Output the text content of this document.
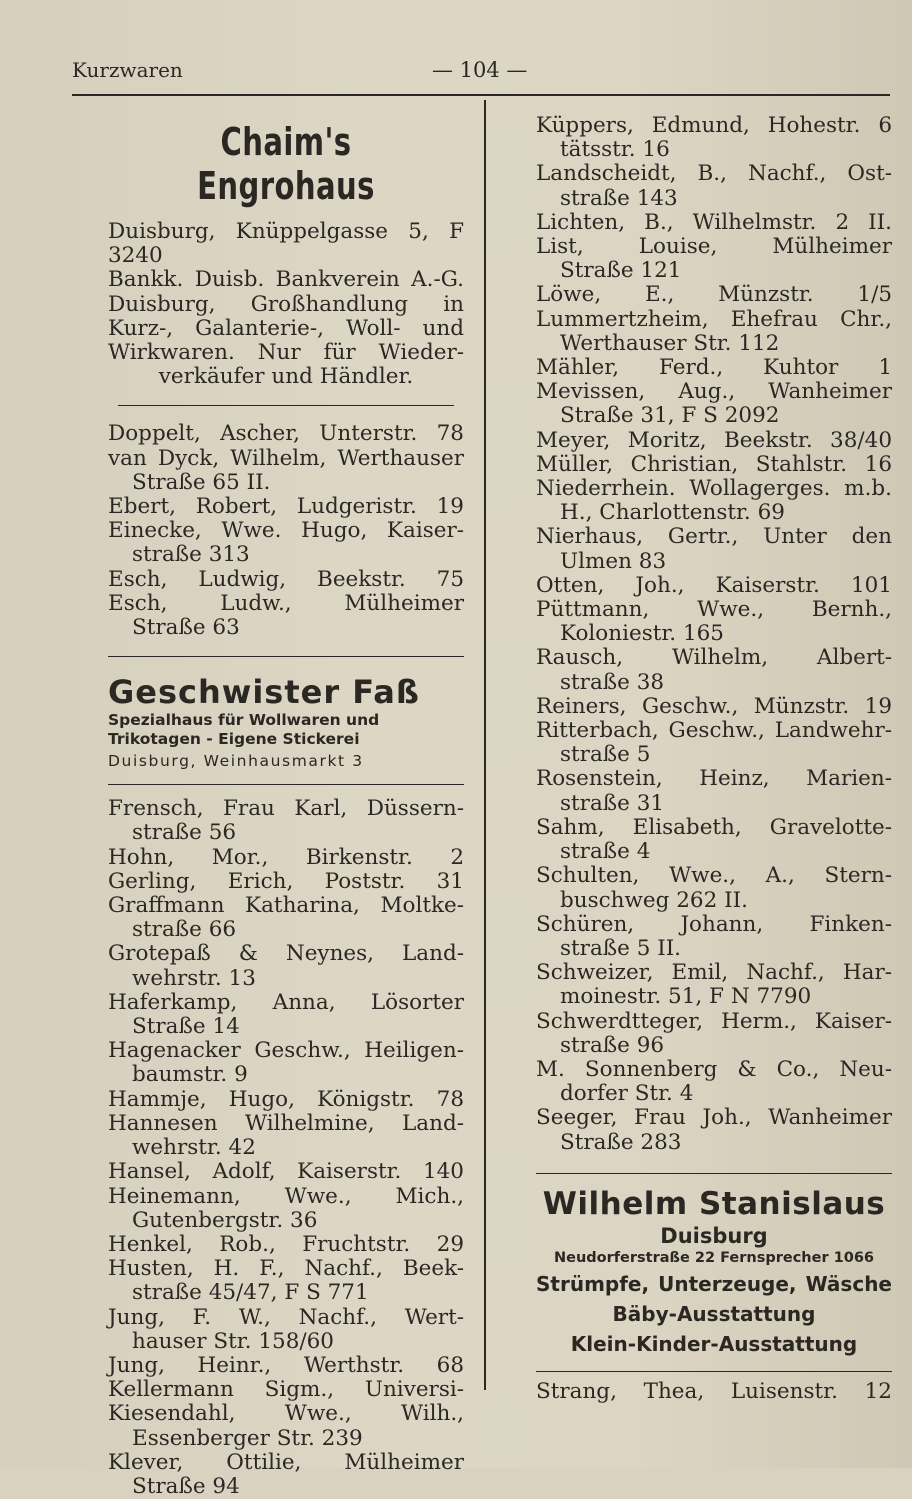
Kurzwaren	— 104 —
Chaim's Engrohaus
Duisburg, Knüppelgasse 5, F 3240
Bankk. Duisb. Bankverein A.-G.
Duisburg, Großhandlung in
Kurz-, Galanterie-, Woll- und
Wirkwaren. Nur für Wieder-
verkäufer und Händler.
Doppelt, Ascher, Unterstr. 78
van Dyck, Wilhelm, Werthauser
Straße 65 II.
Ebert, Robert, Ludgeristr. 19
Einecke, Wwe. Hugo, Kaiser-
straße 313
Esch, Ludwig, Beekstr. 75
Esch, Ludw., Mülheimer
Straße 63
Geschwister Faß
Spezialhaus für Wollwaren und
Trikotagen - Eigene Stickerei
Duisburg, Weinhausmarkt 3
Frensch, Frau Karl, Düssern-
straße 56
Hohn, Mor., Birkenstr. 2
Gerling, Erich, Poststr. 31
Graffmann Katharina, Moltke-
straße 66
Grotepaß & Neynes, Land-
wehrstr. 13
Haferkamp, Anna, Lösorter
Straße 14
Hagenacker Geschw., Heiligen-
baumstr. 9
Hammje, Hugo, Königstr. 78
Hannesen Wilhelmine, Land-
wehrstr. 42
Hansel, Adolf, Kaiserstr. 140
Heinemann, Wwe., Mich.,
Gutenbergstr. 36
Henkel, Rob., Fruchtstr. 29
Husten, H. F., Nachf., Beek-
straße 45/47, F S 771
Jung, F. W., Nachf., Wert-
hauser Str. 158/60
Jung, Heinr., Werthstr. 68
Kellermann Sigm., Universi-
Kiesendahl, Wwe., Wilh.,
Essenberger Str. 239
Klever, Ottilie, Mülheimer
Straße 94
Küppers, Edmund, Hohestr. 6
tätsstr. 16
Landscheidt, B., Nachf., Ost-
straße 143
Lichten, B., Wilhelmstr. 2 II.
List, Louise, Mülheimer
Straße 121
Löwe, E., Münzstr. 1/5
Lummertzheim, Ehefrau Chr.,
Werthauser Str. 112
Mähler, Ferd., Kuhtor 1
Mevissen, Aug., Wanheimer
Straße 31, F S 2092
Meyer, Moritz, Beekstr. 38/40
Müller, Christian, Stahlstr. 16
Niederrhein. Wollagerges. m.b.
H., Charlottenstr. 69
Nierhaus, Gertr., Unter den
Ulmen 83
Otten, Joh., Kaiserstr. 101
Püttmann, Wwe., Bernh.,
Koloniestr. 165
Rausch, Wilhelm, Albert-
straße 38
Reiners, Geschw., Münzstr. 19
Ritterbach, Geschw., Landwehr-
straße 5
Rosenstein, Heinz, Marien-
straße 31
Sahm, Elisabeth, Gravelotte-
straße 4
Schulten, Wwe., A., Stern-
buschweg 262 II.
Schüren, Johann, Finken-
straße 5 II.
Schweizer, Emil, Nachf., Har-
moinestr. 51, F N 7790
Schwerdtteger, Herm., Kaiser-
straße 96
M. Sonnenberg & Co., Neu-
dorfer Str. 4
Seeger, Frau Joh., Wanheimer
Straße 283
Wilhelm Stanislaus
Duisburg
Neudorferstraße 22 Fernsprecher 1066
Strümpfe, Unterzeuge, Wäsche
Bäby-Ausstattung
Klein-Kinder-Ausstattung
Strang, Thea, Luisenstr. 12
